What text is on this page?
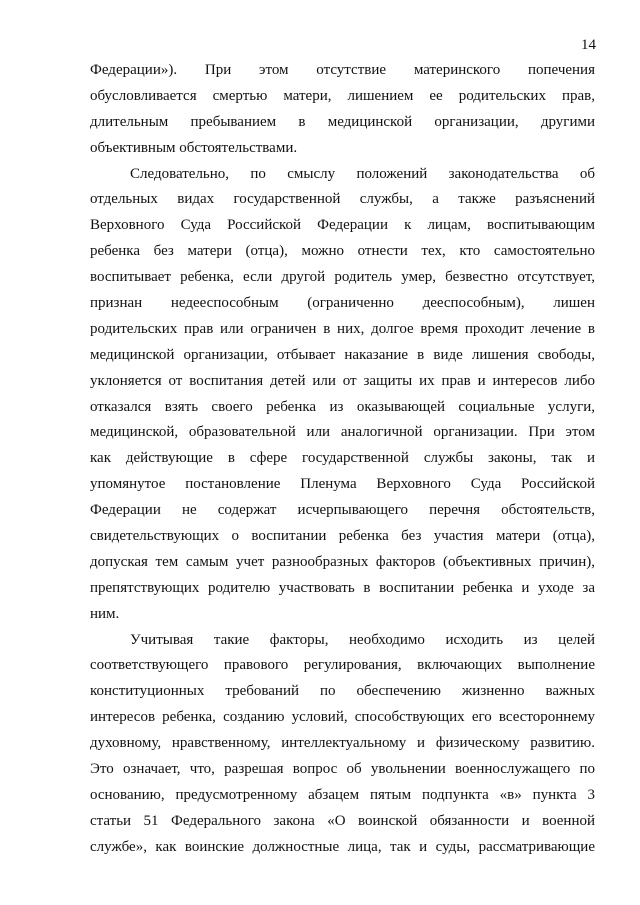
14
Федерации»). При этом отсутствие материнского попечения
обусловливается смертью матери, лишением ее родительских прав,
длительным пребыванием в медицинской организации, другими
объективным обстоятельствами.
Следовательно, по смыслу положений законодательства об
отдельных видах государственной службы, а также разъяснений
Верховного Суда Российской Федерации к лицам, воспитывающим
ребенка без матери (отца), можно отнести тех, кто самостоятельно
воспитывает ребенка, если другой родитель умер, безвестно отсутствует,
признан недееспособным (ограниченно дееспособным), лишен
родительских прав или ограничен в них, долгое время проходит лечение в
медицинской организации, отбывает наказание в виде лишения свободы,
уклоняется от воспитания детей или от защиты их прав и интересов либо
отказался взять своего ребенка из оказывающей социальные услуги,
медицинской, образовательной или аналогичной организации. При этом
как действующие в сфере государственной службы законы, так и
упомянутое постановление Пленума Верховного Суда Российской
Федерации не содержат исчерпывающего перечня обстоятельств,
свидетельствующих о воспитании ребенка без участия матери (отца),
допуская тем самым учет разнообразных факторов (объективных причин),
препятствующих родителю участвовать в воспитании ребенка и уходе за
ним.
Учитывая такие факторы, необходимо исходить из целей
соответствующего правового регулирования, включающих выполнение
конституционных требований по обеспечению жизненно важных
интересов ребенка, созданию условий, способствующих его всестороннему
духовному, нравственному, интеллектуальному и физическому развитию.
Это означает, что, разрешая вопрос об увольнении военнослужащего по
основанию, предусмотренному абзацем пятым подпункта «в» пункта 3
статьи 51 Федерального закона «О воинской обязанности и военной
службе», как воинские должностные лица, так и суды, рассматривающие
